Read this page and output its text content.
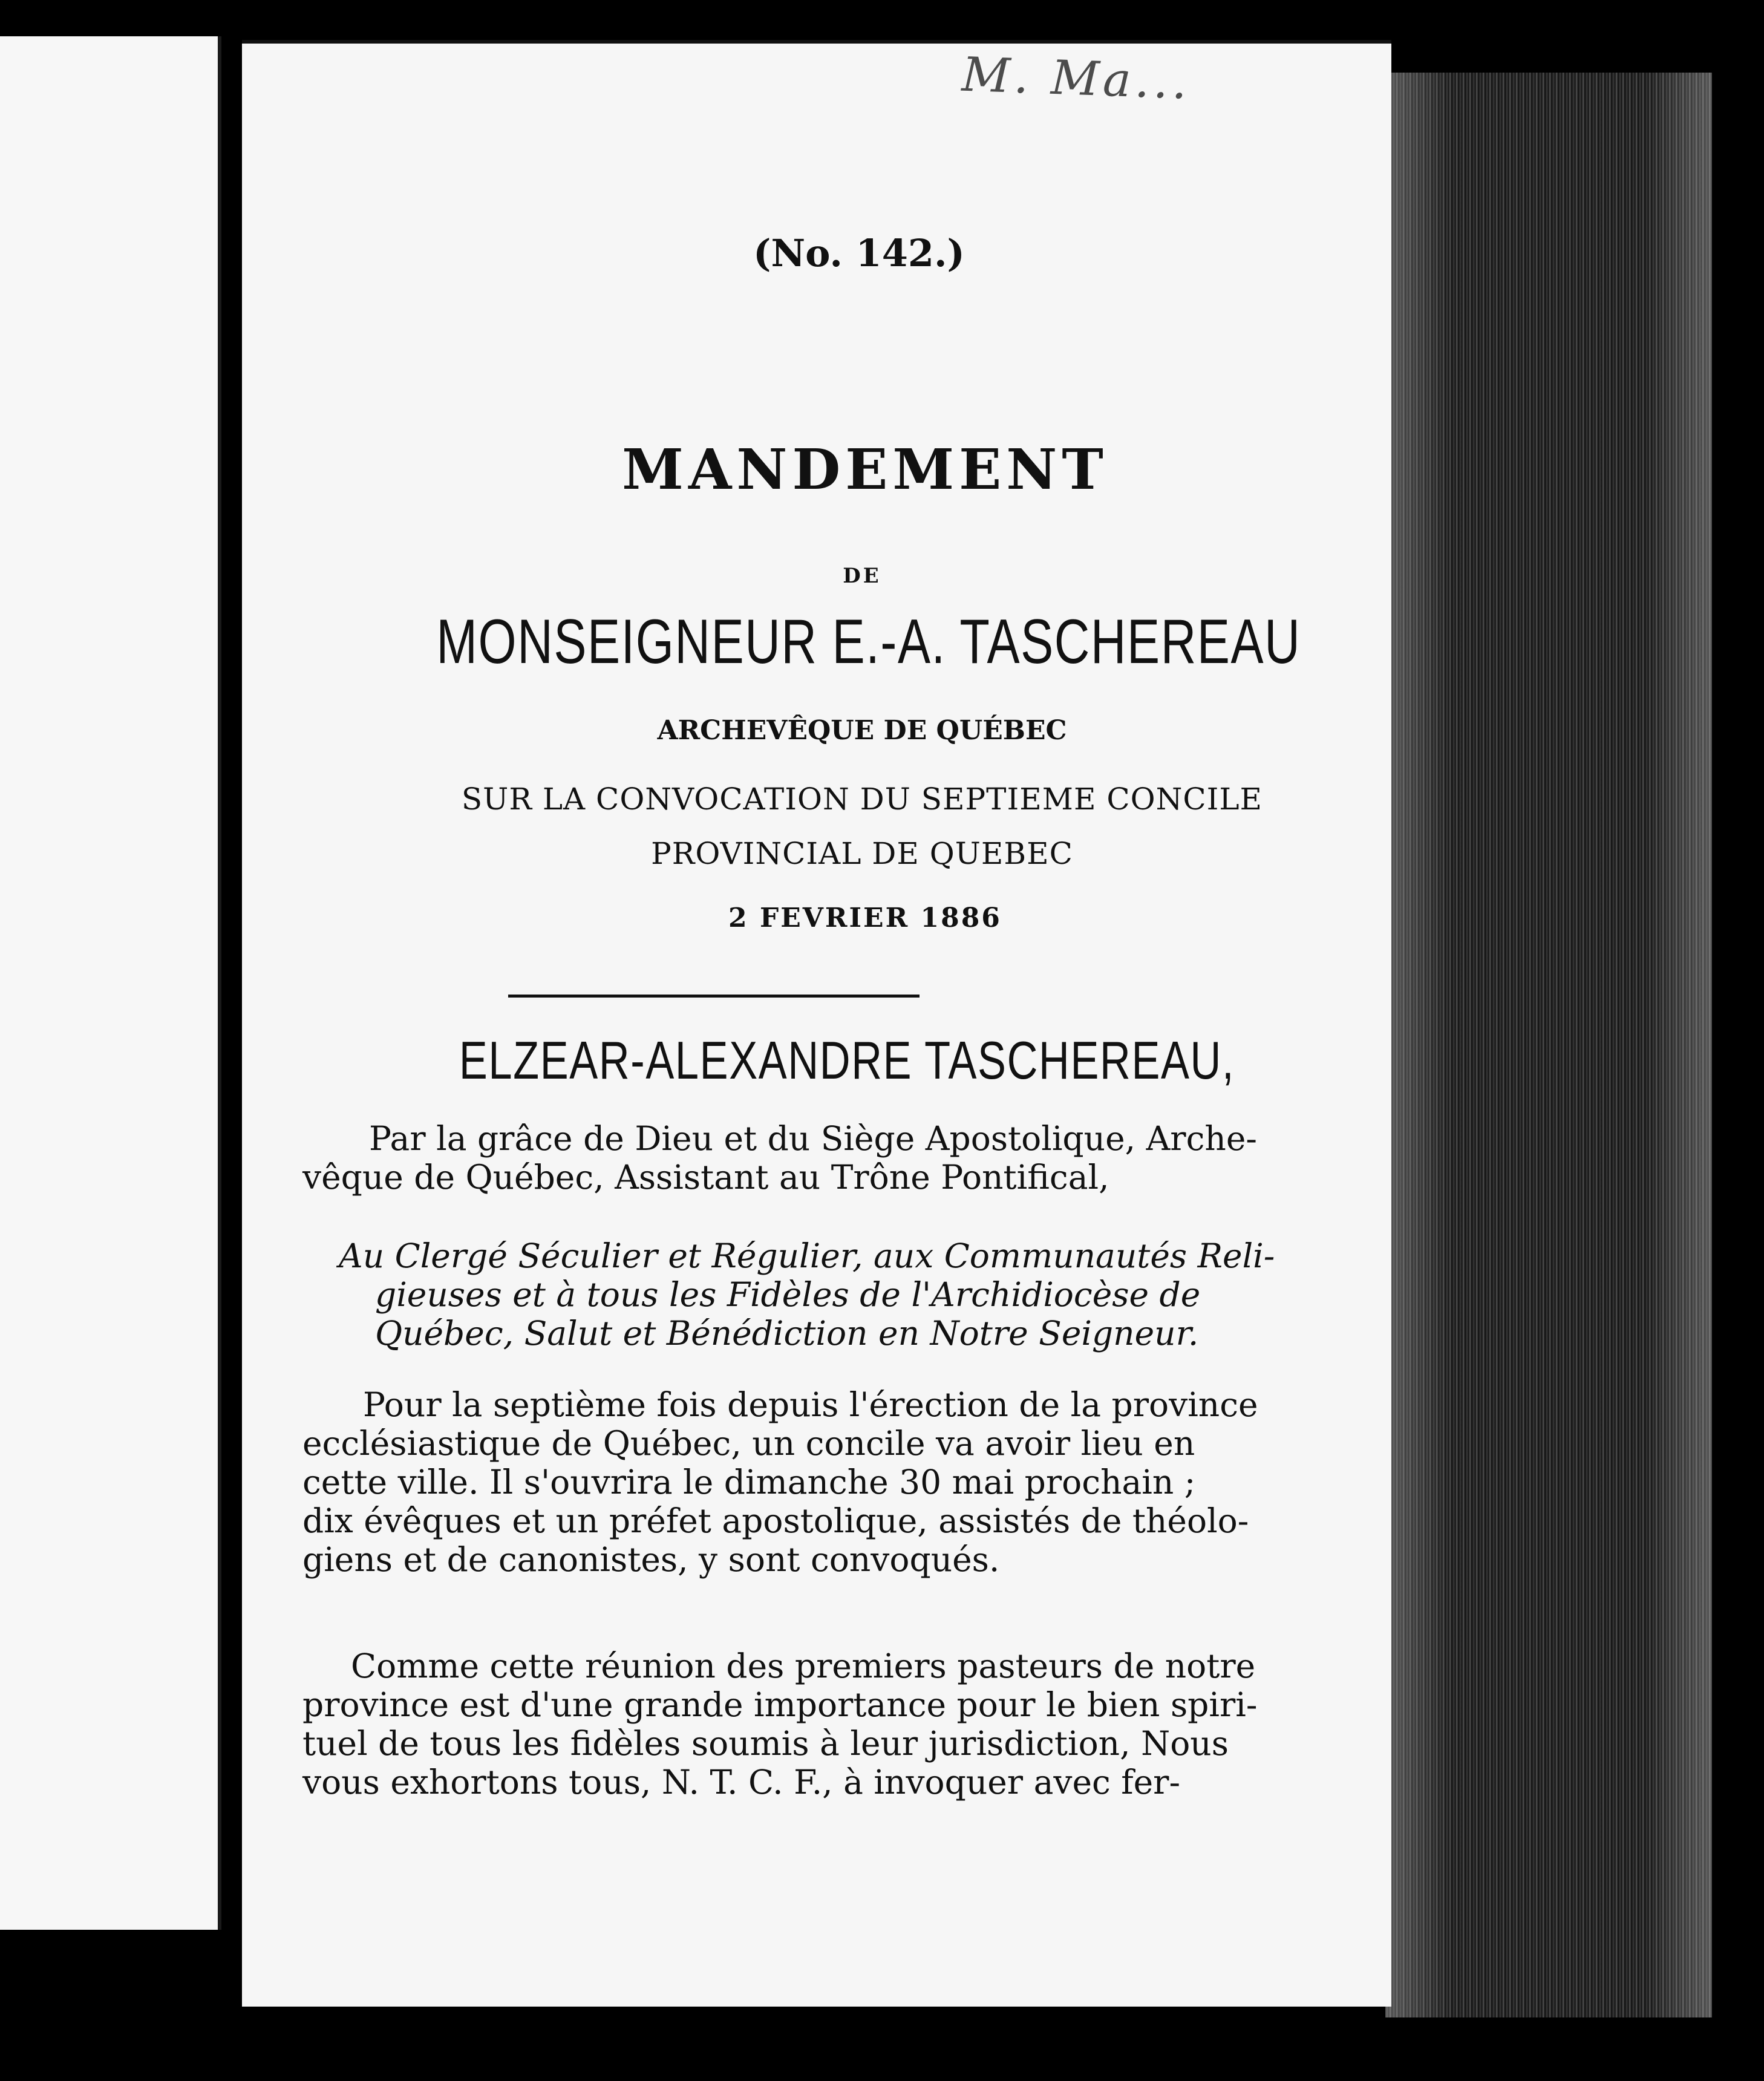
(No. 142.)
MANDEMENT
DE
MONSEIGNEUR E.-A. TASCHEREAU
ARCHEVÊQUE DE QUÉBEC
SUR LA CONVOCATION DU SEPTIEME CONCILE
PROVINCIAL DE QUEBEC
2 FEVRIER 1886
ELZEAR-ALEXANDRE TASCHEREAU,
Par la grâce de Dieu et du Siège Apostolique, Arche-
vêque de Québec, Assistant au Trône Pontifical,
Au Clergé Séculier et Régulier, aux Communautés Reli-
gieuses et à tous les Fidèles de l'Archidiocèse de
Québec, Salut et Bénédiction en Notre Seigneur.
Pour la septième fois depuis l'érection de la province
ecclésiastique de Québec, un concile va avoir lieu en
cette ville. Il s'ouvrira le dimanche 30 mai prochain ;
dix évêques et un préfet apostolique, assistés de théolo-
giens et de canonistes, y sont convoqués.
Comme cette réunion des premiers pasteurs de notre
province est d'une grande importance pour le bien spiri-
tuel de tous les fidèles soumis à leur jurisdiction, Nous
vous exhortons tous, N. T. C. F., à invoquer avec fer-
M. Ma...
